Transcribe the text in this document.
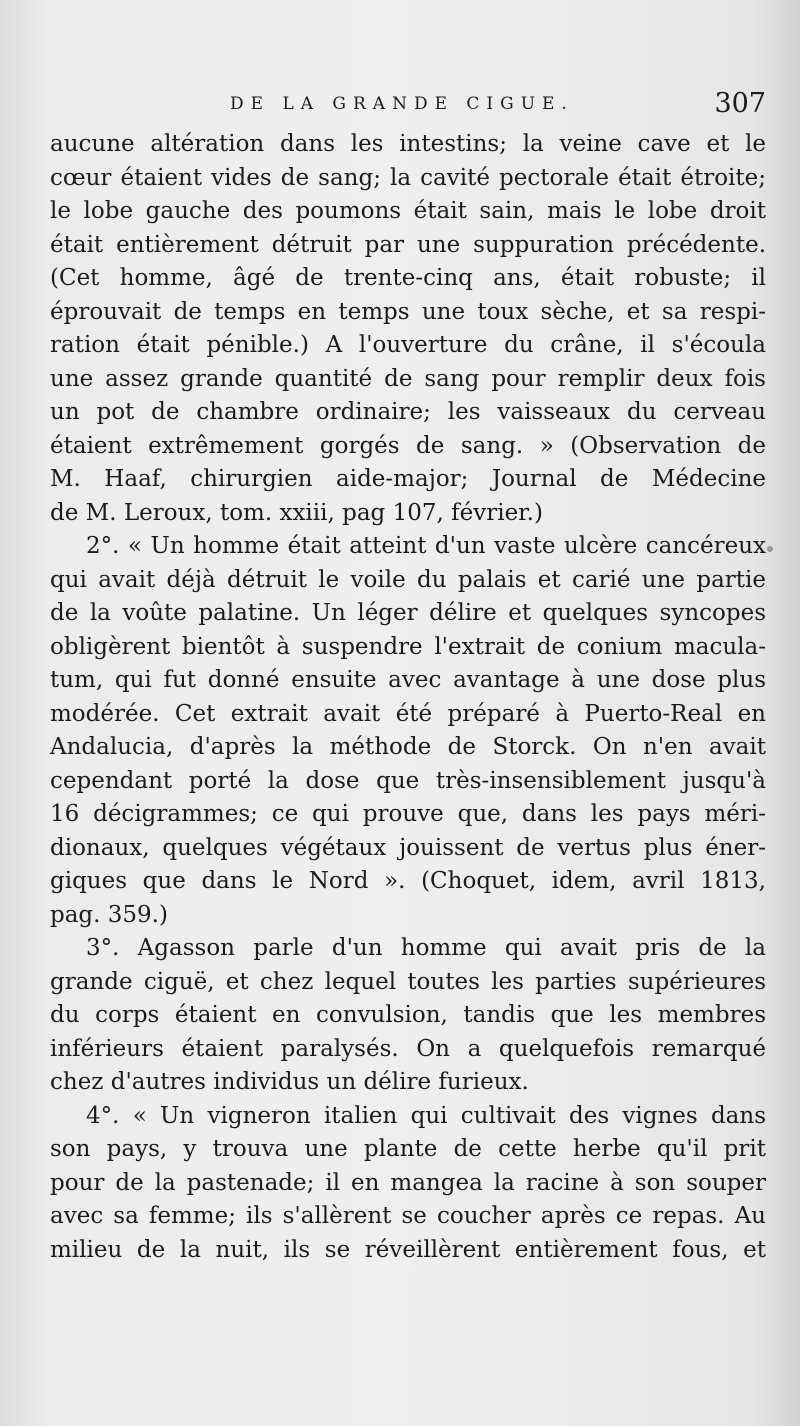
DE LA GRANDE CIGUE.	307
aucune altération dans les intestins; la veine cave et le
cœur étaient vides de sang; la cavité pectorale était étroite;
le lobe gauche des poumons était sain, mais le lobe droit
était entièrement détruit par une suppuration précédente.
(Cet homme, âgé de trente-cinq ans, était robuste; il
éprouvait de temps en temps une toux sèche, et sa respi-
ration était pénible.) A l'ouverture du crâne, il s'écoula
une assez grande quantité de sang pour remplir deux fois
un pot de chambre ordinaire; les vaisseaux du cerveau
étaient extrêmement gorgés de sang. » (Observation de
M. Haaf, chirurgien aide-major; Journal de Médecine
de M. Leroux, tom. xxiii, pag 107, février.)
2°. « Un homme était atteint d'un vaste ulcère cancéreux
qui avait déjà détruit le voile du palais et carié une partie
de la voûte palatine. Un léger délire et quelques syncopes
obligèrent bientôt à suspendre l'extrait de conium macula-
tum, qui fut donné ensuite avec avantage à une dose plus
modérée. Cet extrait avait été préparé à Puerto-Real en
Andalucia, d'après la méthode de Storck. On n'en avait
cependant porté la dose que très-insensiblement jusqu'à
16 décigrammes; ce qui prouve que, dans les pays méri-
dionaux, quelques végétaux jouissent de vertus plus éner-
giques que dans le Nord ». (Choquet, idem, avril 1813,
pag. 359.)
3°. Agasson parle d'un homme qui avait pris de la
grande ciguë, et chez lequel toutes les parties supérieures
du corps étaient en convulsion, tandis que les membres
inférieurs étaient paralysés. On a quelquefois remarqué
chez d'autres individus un délire furieux.
4°. « Un vigneron italien qui cultivait des vignes dans
son pays, y trouva une plante de cette herbe qu'il prit
pour de la pastenade; il en mangea la racine à son souper
avec sa femme; ils s'allèrent se coucher après ce repas. Au
milieu de la nuit, ils se réveillèrent entièrement fous, et
